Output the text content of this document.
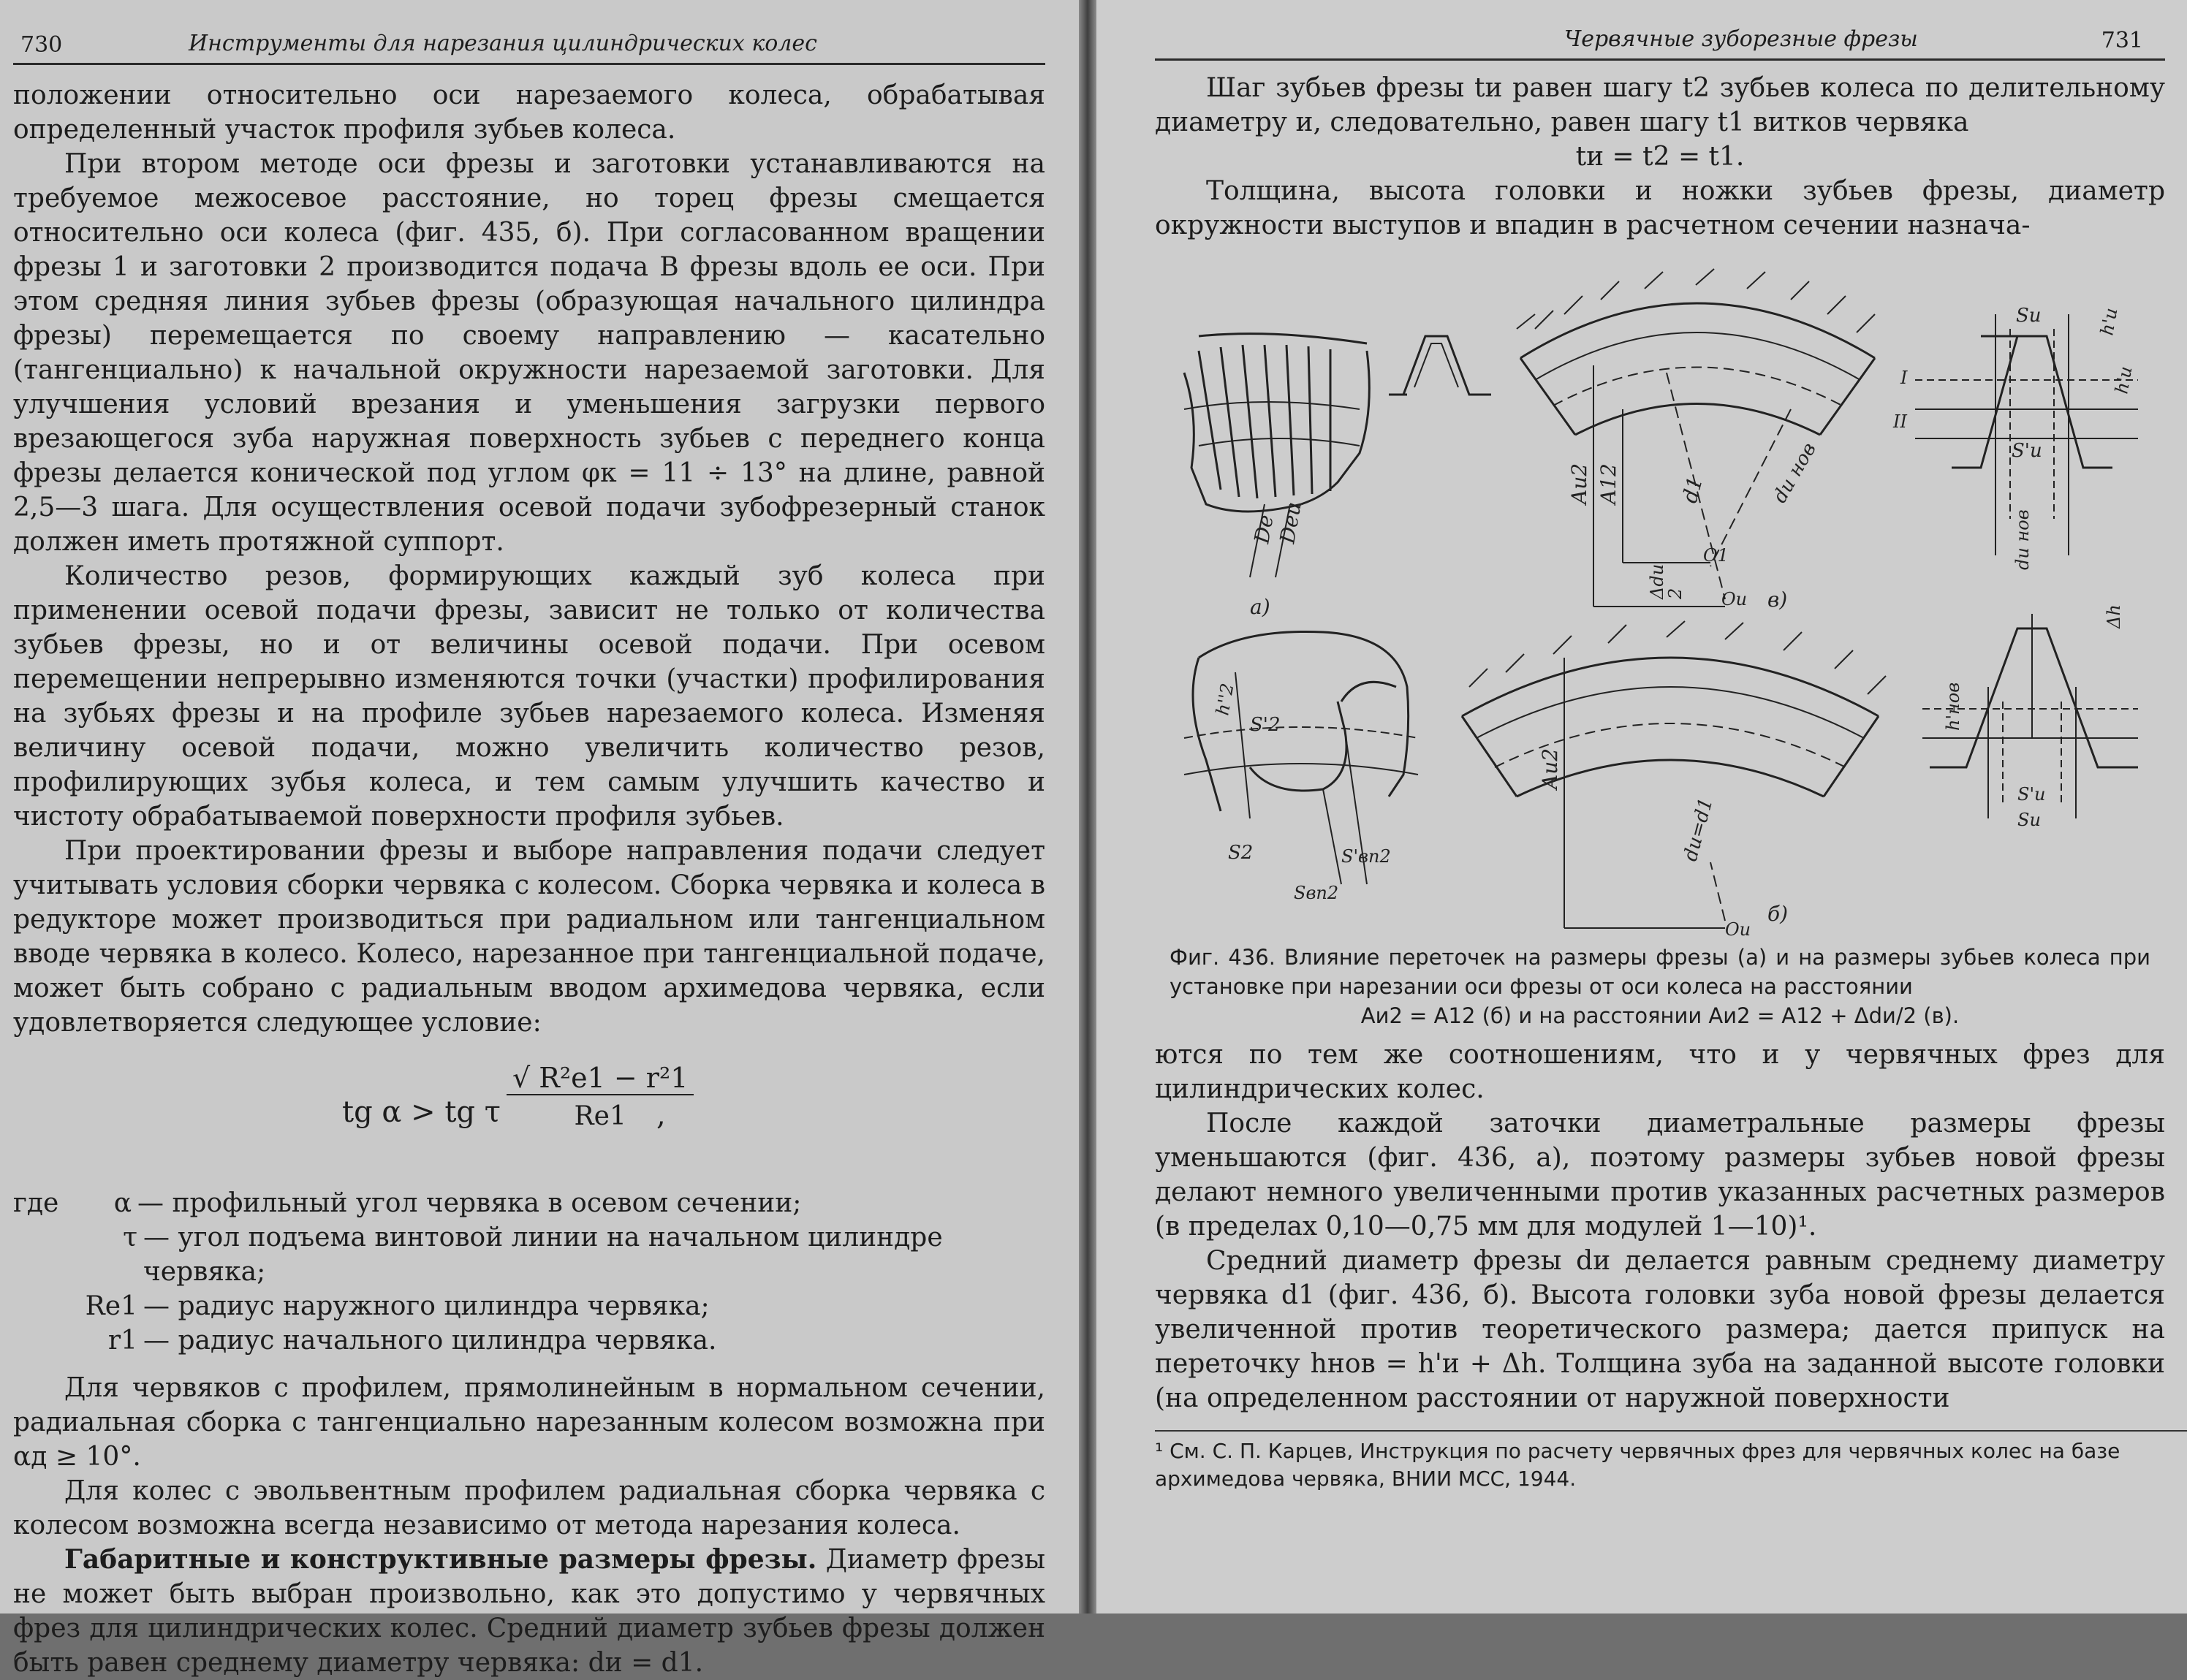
730	Инструменты для нарезания цилиндрических колес

положении относительно оси нарезаемого колеса, обрабатывая определенный участок профиля зубьев колеса.

При втором методе оси фрезы и заготовки устанавливаются на требуемое межосевое расстояние, но торец фрезы смещается относительно оси колеса (фиг. 435, б). При согласованном вращении фрезы 1 и заготовки 2 производится подача B фрезы вдоль ее оси. При этом средняя линия зубьев фрезы (образующая начального цилиндра фрезы) перемещается по своему направлению — касательно (тангенциально) к начальной окружности нарезаемой заготовки. Для улучшения условий врезания и уменьшения загрузки первого врезающегося зуба наружная поверхность зубьев с переднего конца фрезы делается конической под углом φк = 11 ÷ 13° на длине, равной 2,5—3 шага. Для осуществления осевой подачи зубофрезерный станок должен иметь протяжной суппорт.

Количество резов, формирующих каждый зуб колеса при применении осевой подачи фрезы, зависит не только от количества зубьев фрезы, но и от величины осевой подачи. При осевом перемещении непрерывно изменяются точки (участки) профилирования на зубьях фрезы и на профиле зубьев нарезаемого колеса. Изменяя величину осевой подачи, можно увеличить количество резов, профилирующих зубья колеса, и тем самым улучшить качество и чистоту обрабатываемой поверхности профиля зубьев.

При проектировании фрезы и выборе направления подачи следует учитывать условия сборки червяка с колесом. Сборка червяка и колеса в редукторе может производиться при радиальном или тангенциальном вводе червяка в колесо. Колесо, нарезанное при тангенциальной подаче, может быть собрано с радиальным вводом архимедова червяка, если удовлетворяется следующее условие:

tg α > tg τ $\frac{\text{√ R²e1 − r²1}}{Re1}$
,
где	α — профильный угол червяка в осевом сечении;
τ — угол подъема винтовой линии на начальном цилиндре червяка;
Re1 — радиус наружного цилиндра червяка;
r1 — радиус начального цилиндра червяка.

Для червяков с профилем, прямолинейным в нормальном сечении, радиальная сборка с тангенциально нарезанным колесом возможна при αд ≥ 10°.

Для колес с эвольвентным профилем радиальная сборка червяка с колесом возможна всегда независимо от метода нарезания колеса.

Габаритные и конструктивные размеры фрезы. Диаметр фрезы не может быть выбран произвольно, как это допустимо у червячных фрез для цилиндрических колес. Средний диаметр зубьев фрезы должен быть равен среднему диаметру червяка: dи = d1.

Червячные зуборезные фрезы	731

Шаг зубьев фрезы tи равен шагу t2 зубьев колеса по делительному диаметру и, следовательно, равен шагу t1 витков червяка

tи = t2 = t1.

Толщина, высота головки и ножки зубьев фрезы, диаметр окружности выступов и впадин в расчетном сечении назнача-

Dе
Dеи
а)
Aи2 A12	d1	dи нов
Δdи
2
O1
Oи в)
Sи	h'и
h'и
I
II
S'и
dи нов
h''2
S'2
S2	S'вп2
Sвп2
Aи2
dи=d1
Oи
б)
Δh
h'нов
S'и
Sи
Фиг. 436. Влияние переточек на размеры фрезы (а) и на размеры зубьев колеса при установке при нарезании оси фрезы от оси колеса на расстоянии
Aи2 = A12 (б) и на расстоянии Aи2 = A12 + Δdи/2 (в).

ются по тем же соотношениям, что и у червячных фрез для цилиндрических колес.

После каждой заточки диаметральные размеры фрезы уменьшаются (фиг. 436, а), поэтому размеры зубьев новой фрезы делают немного увеличенными против указанных расчетных размеров (в пределах 0,10—0,75 мм для модулей 1—10)¹.

Средний диаметр фрезы dи делается равным среднему диаметру червяка d1 (фиг. 436, б). Высота головки зуба новой фрезы делается увеличенной против теоретического размера; дается припуск на переточку hнов = h'и + Δh. Толщина зуба на заданной высоте головки (на определенном расстоянии от наружной поверхности

¹ См. С. П. Карцев, Инструкция по расчету червячных фрез для червячных колес на базе архимедова червяка, ВНИИ МСС, 1944.
